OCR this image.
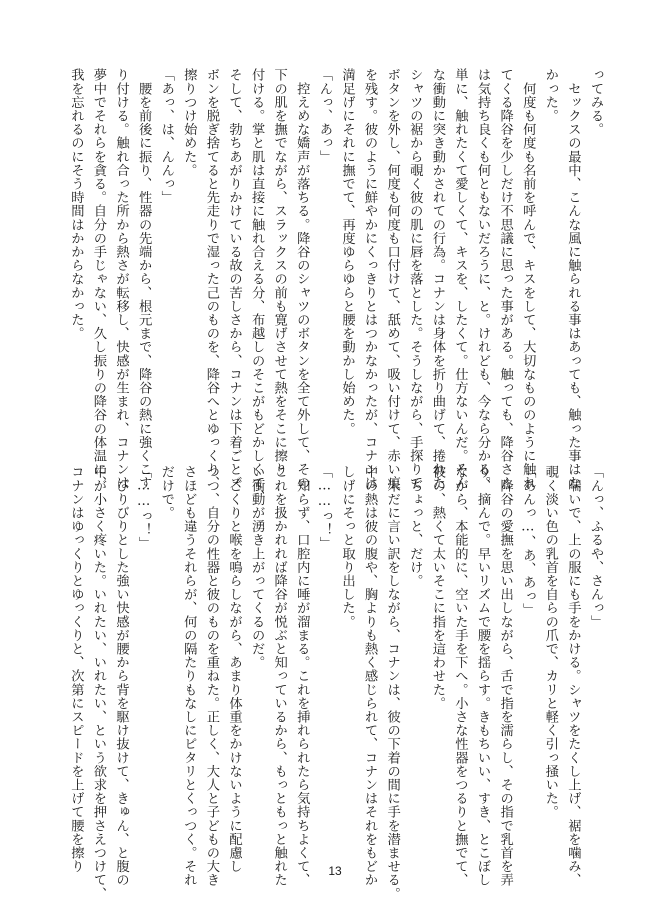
ってみる。
　セックスの最中、こんな風に触られる事はあっても、触った事はな
かった。
　何度も何度も名前を呼んで、キスをして、大切なもののように触れ
てくる降谷を少しだけ不思議に思った事がある。触っても、降谷さん
は気持ち良くも何ともないだろうに、と。けれども、今なら分かる。
単に、触れたくて愛しくて、キスを、したくて。仕方ないんだ。そん
な衝動に突き動かされての行為。コナンは身体を折り曲げて、捲れた
シャツの裾から覗く彼の肌に唇を落とした。そうしながら、手探りで
ボタンを外し、何度も何度も口付けて、舐めて、吸い付けて、赤い痕
を残す。彼のように鮮やかにくっきりとはつかなかったが、コナンは
満足げにそれに撫でて、再度ゆらゆらと腰を動かし始めた。
「んっ、あっ」
　控えめな嬌声が落ちる。降谷のシャツのボタンを全て外して、その
下の肌を撫でながら、スラックスの前も寛げさせて熱をそこに擦り
付ける。掌と肌は直接に触れ合える分、布越しのそこがもどかしくて、
そして、勃ちあがりかけている故の苦しさから、コナンは下着ごとズ
ボンを脱ぎ捨てると先走りで湿った己のものを、降谷へとゆっくり、
擦りつけ始めた。
「あっ、は、んんっ」
　腰を前後に振り、性器の先端から、根元まで、降谷の熱に強くこす
り付ける。触れ合った所から熱さが転移し、快感が生まれ、コナンは
夢中でそれらを貪る。自分の手じゃない、久し振りの降谷の体温に、
我を忘れるのにそう時間はかからなかった。
「んっ、ふるや、さんっ」
　喘いで、上の服にも手をかける。シャツをたくし上げ、裾を噛み、
覗く淡い色の乳首を自らの爪で、カリと軽く引っ掻いた。
「あんっ…、あ、あっ」
　降谷の愛撫を思い出しながら、舌で指を濡らし、その指で乳首を弄
り、摘んで。早いリズムで腰を揺らす。きもちいい、すき、とこぼし
ながら、本能的に、空いた手を下へ。小さな性器をつるりと撫でて、
彼の、熱くて太いそこに指を這わせた。
　ちょっと、だけ。
　未だに言い訳をしながら、コナンは、彼の下着の間に手を潜ませる。
中の熱は彼の腹や、胸よりも熱く感じられて、コナンはそれをもどか
しげにそっと取り出した。
「……っ！」
　知らず、口腔内に唾が溜まる。これを挿れられたら気持ちよくて、
これを扱かれれば降谷が悦ぶと知っているから、もっともっと触れた
い衝動が湧き上がってくるのだ。
　ごくりと喉を鳴らしながら、あまり体重をかけないように配慮し
つつ、自分の性器と彼のものを重ねた。正しく、大人と子どもの大き
さほども違うそれらが、何の隔たりもなしにピタリとくっつく。それ
だけで。
「……っ！」
　びりびりとした強い快感が腰から背を駆け抜けて、きゅん、と腹の
中が小さく疼いた。いれたい、いれたい、という欲求を押さえつけて、
コナンはゆっくりとゆっくりと、次第にスピードを上げて腰を擦り	13
